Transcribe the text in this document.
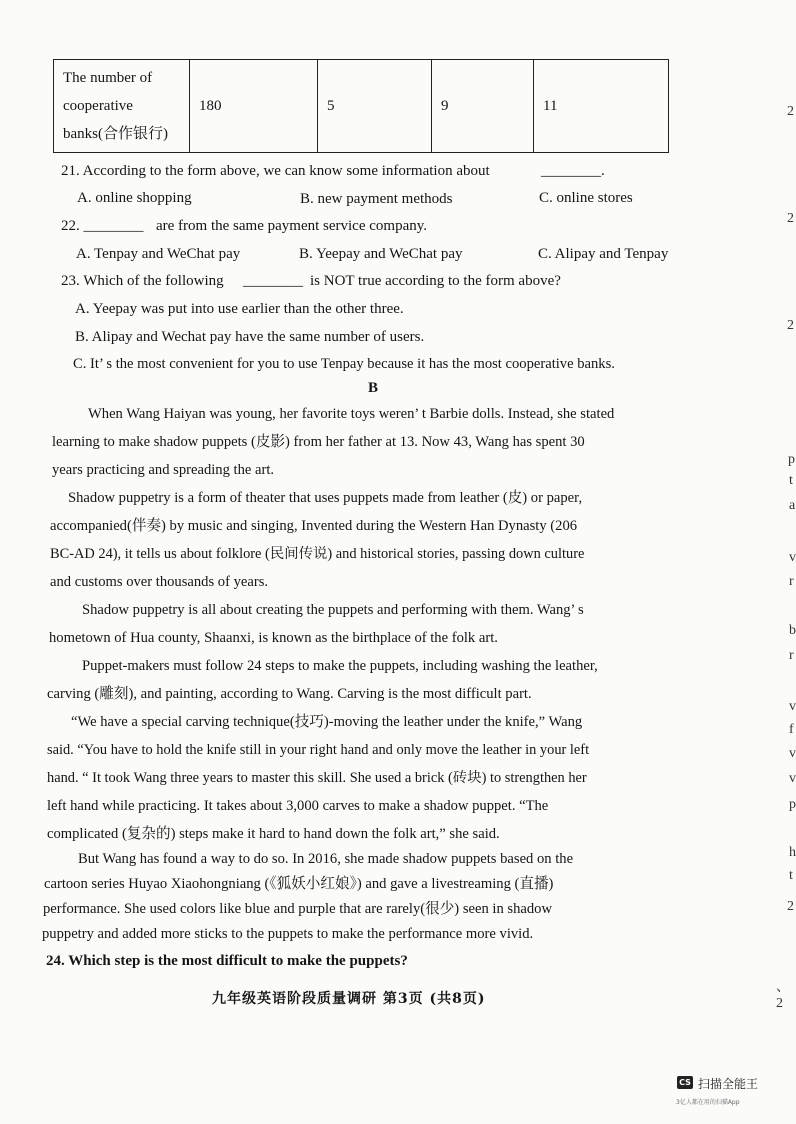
The number of
cooperative
banks(合作银行)
	180	5	9	11
21. According to the form above, we can know some information about	________.
A. online shopping	B. new payment methods	C. online stores
22. ________ are from the same payment service company.
A. Tenpay and WeChat pay	B. Yeepay and WeChat pay	C. Alipay and Tenpay
23. Which of the following ________ is NOT true according to the form above?
A. Yeepay was put into use earlier than the other three.
B. Alipay and Wechat pay have the same number of users.
C. It’ s the most convenient for you to use Tenpay because it has the most cooperative banks.
B
When Wang Haiyan was young, her favorite toys weren’ t Barbie dolls. Instead, she stated
learning to make shadow puppets (皮影) from her father at 13. Now 43, Wang has spent 30
years practicing and spreading the art.
Shadow puppetry is a form of theater that uses puppets made from leather (皮) or paper,
accompanied(伴奏) by music and singing, Invented during the Western Han Dynasty (206
BC-AD 24), it tells us about folklore (民间传说) and historical stories, passing down culture
and customs over thousands of years.
Shadow puppetry is all about creating the puppets and performing with them. Wang’ s
hometown of Hua county, Shaanxi, is known as the birthplace of the folk art.
Puppet-makers must follow 24 steps to make the puppets, including washing the leather,
carving (雕刻), and painting, according to Wang. Carving is the most difficult part.
“We have a special carving technique(技巧)-moving the leather under the knife,” Wang
said. “You have to hold the knife still in your right hand and only move the leather in your left
hand. “ It took Wang three years to master this skill. She used a brick (砖块) to strengthen her
left hand while practicing. It takes about 3,000 carves to make a shadow puppet. “The
complicated (复杂的) steps make it hard to hand down the folk art,” she said.
But Wang has found a way to do so. In 2016, she made shadow puppets based on the
cartoon series Huyao Xiaohongniang (《狐妖小红娘》) and gave a livestreaming (直播)
performance. She used colors like blue and purple that are rarely(很少) seen in shadow
puppetry and added more sticks to the puppets to make the performance more vivid.
24. Which step is the most difficult to make the puppets?
九年级英语阶段质量调研 第3页 (共8页)
2
2
2
p
t
a
v
r
b
r
v
f
v
v
p
h
t
2
、2
CS 扫描全能王
3亿人都在用的扫描App
